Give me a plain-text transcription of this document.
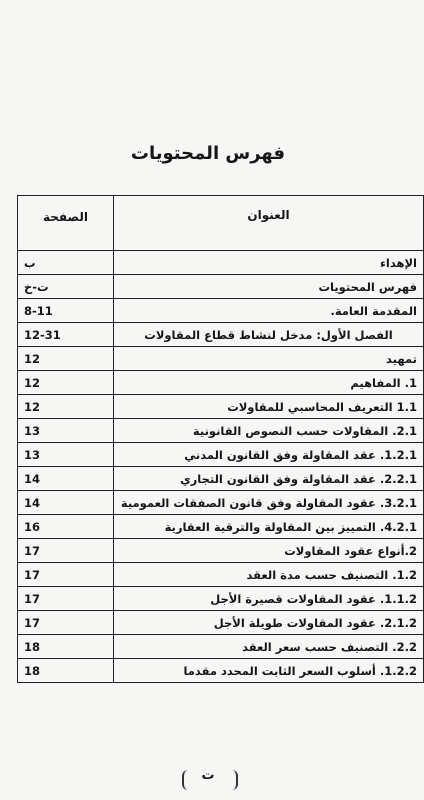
فهرس المحتويات
العنوان	الصفحة
الإهداء	ب
فهرس المحتويات	ت-خ
المقدمة العامة.	8-11
الفصل الأول: مدخل لنشاط قطاع المقاولات	12-31
تمهيد	12
1. المفاهيم	12
1.1 التعريف المحاسبي للمقاولات	12
2.1. المقاولات حسب النصوص القانونية	13
1.2.1. عقد المقاولة وفق القانون المدني	13
2.2.1. عقد المقاولة وفق القانون التجاري	14
3.2.1. عقود المقاولة وفق قانون الصفقات العمومية	14
4.2.1. التمييز بين المقاولة والترقية العقارية	16
2.أنواع عقود المقاولات	17
1.2. التصنيف حسب مدة العقد	17
1.1.2. عقود المقاولات قصيرة الأجل	17
2.1.2. عقود المقاولات طويلة الأجل	17
2.2. التصنيف حسب سعر العقد	18
1.2.2. أسلوب السعر الثابت المحدد مقدما	18
ت
